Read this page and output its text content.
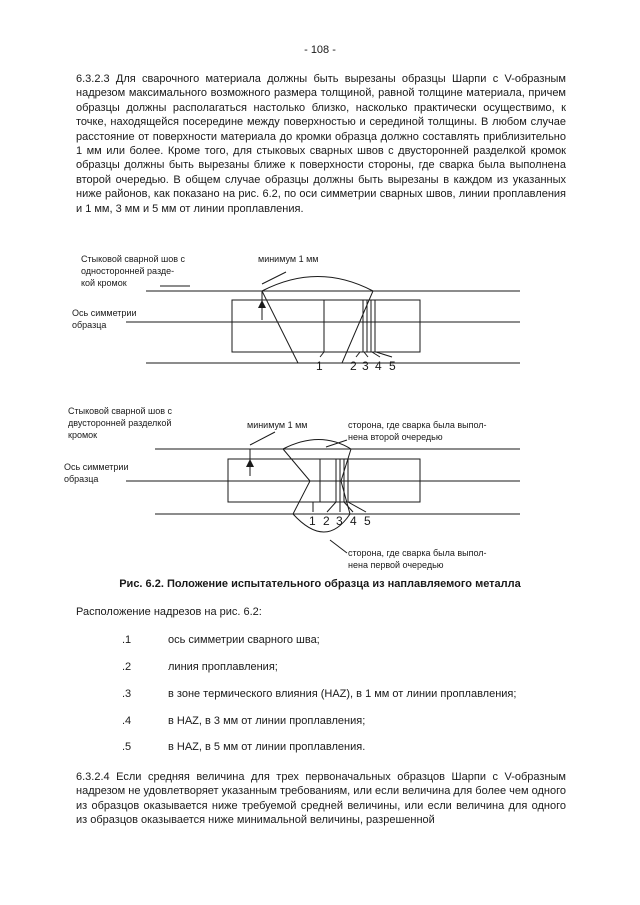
- 108 -

6.3.2.3 Для сварочного материала должны быть вырезаны образцы Шарпи с V-образным надрезом максимального возможного размера толщиной, равной толщине материала, причем образцы должны располагаться настолько близко, насколько практически осуществимо, к точке, находящейся посередине между поверхностью и серединой толщины. В любом случае расстояние от поверхности материала до кромки образца должно составлять приблизительно 1 мм или более. Кроме того, для стыковых сварных швов с двусторонней разделкой кромок образцы должны быть вырезаны ближе к поверхности стороны, где сварка была выполнена второй очередью. В общем случае образцы должны быть вырезаны в каждом из указанных ниже районов, как показано на рис. 6.2, по оси симметрии сварных швов, линии проплавления и 1 мм, 3 мм и 5 мм от линии проплавления.

Стыковой сварной шов с
односторонней разде-
кой кромок
минимум 1 мм
Ось симметрии
образца
1 2 3 4 5
Стыковой сварной шов с
двусторонней разделкой
кромок
минимум 1 мм	сторона, где сварка была выпол-
нена второй очередью
Ось симметрии
образца
1 2 3 4 5
сторона, где сварка была выпол-
нена первой очередью
Рис. 6.2. Положение испытательного образца из наплавляемого металла
Расположение надрезов на рис. 6.2:
.1	ось симметрии сварного шва;
.2	линия проплавления;
.3	в зоне термического влияния (HAZ), в 1 мм от линии проплавления;
.4	в HAZ, в 3 мм от линии проплавления;
.5	в HAZ, в 5 мм от линии проплавления.

6.3.2.4 Если средняя величина для трех первоначальных образцов Шарпи с V-образным надрезом не удовлетворяет указанным требованиям, или если величина для более чем одного из образцов оказывается ниже требуемой средней величины, или если величина для одного из образцов оказывается ниже минимальной величины, разрешенной
